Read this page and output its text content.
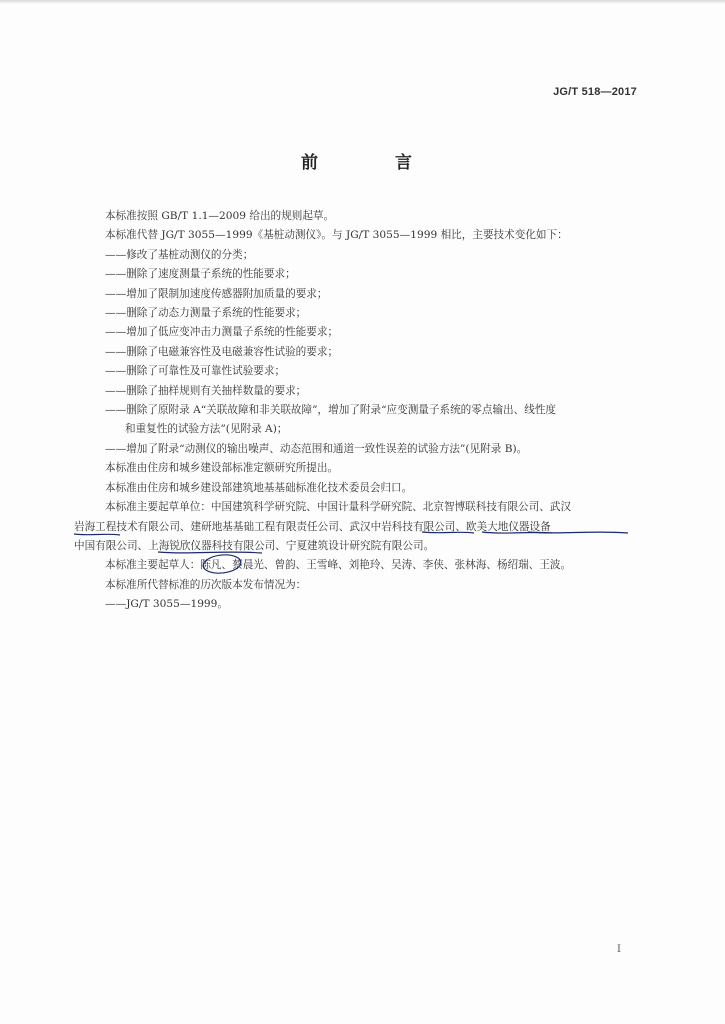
JG/T 518—2017
前　言

本标准按照 GB/T 1.1—2009 给出的规则起草。

本标准代替 JG/T 3055—1999《基桩动测仪》。与 JG/T 3055—1999 相比，主要技术变化如下：

——修改了基桩动测仪的分类；

——删除了速度测量子系统的性能要求；

——增加了限制加速度传感器附加质量的要求；

——删除了动态力测量子系统的性能要求；

——增加了低应变冲击力测量子系统的性能要求；

——删除了电磁兼容性及电磁兼容性试验的要求；

——删除了可靠性及可靠性试验要求；

——删除了抽样规则有关抽样数量的要求；

——删除了原附录 A“关联故障和非关联故障”，增加了附录“应变测量子系统的零点输出、线性度
和重复性的试验方法”(见附录 A)；

——增加了附录“动测仪的输出噪声、动态范围和通道一致性误差的试验方法”(见附录 B)。

本标准由住房和城乡建设部标准定额研究所提出。

本标准由住房和城乡建设部建筑地基基础标准化技术委员会归口。

本标准主要起草单位：中国建筑科学研究院、中国计量科学研究院、北京智博联科技有限公司、武汉

岩海工程技术有限公司、建研地基基础工程有限责任公司、武汉中岩科技有限公司、欧美大地仪器设备

中国有限公司、上海锐欣仪器科技有限公司、宁夏建筑设计研究院有限公司。

本标准主要起草人：陈凡、蔡晨光、曾韵、王雪峰、刘艳玲、吴涛、李侠、张林海、杨绍瑞、王波。

本标准所代替标准的历次版本发布情况为：

——JG/T 3055—1999。

I
